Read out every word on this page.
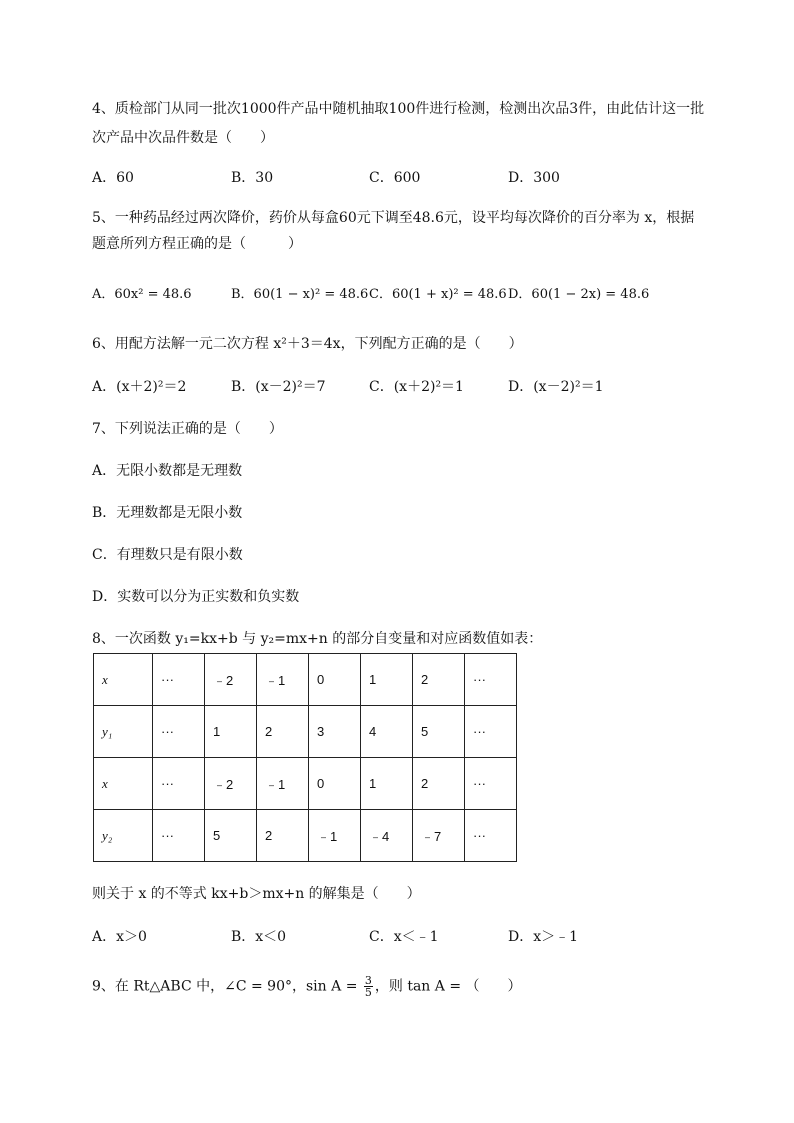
4、质检部门从同一批次1000件产品中随机抽取100件进行检测，检测出次品3件，由此估计这一批
次产品中次品件数是（　　）
A．60	B．30	C．600	D．300
5、一种药品经过两次降价，药价从每盒60元下调至48.6元，设平均每次降价的百分率为 x，根据
题意所列方程正确的是（　　　）
A．60x² = 48.6	B．60(1 − x)² = 48.6 C．60(1 + x)² = 48.6 D．60(1 − 2x) = 48.6
6、用配方法解一元二次方程 x²＋3＝4x，下列配方正确的是（　　）
A．(x＋2)²＝2	B．(x－2)²＝7	C．(x＋2)²＝1	D．(x－2)²＝1
7、下列说法正确的是（　　）
A．无限小数都是无理数
B．无理数都是无限小数
C．有理数只是有限小数
D．实数可以分为正实数和负实数
8、一次函数 y₁=kx+b 与 y₂=mx+n 的部分自变量和对应函数值如表：
x	···	﹣2	﹣1	0	1	2	···
y₁	···	1	2	3	4	5	···
x	···	﹣2	﹣1	0	1	2	···
y₂	···	5	2	﹣1	﹣4	﹣7	···
则关于 x 的不等式 kx+b＞mx+n 的解集是（　　）
A．x＞0	B．x＜0	C．x＜﹣1	D．x＞﹣1
9、在 Rt△ABC 中，∠C = 90°，$\sin A = \frac{3}{5}$ ，则 tan A = （　　）
